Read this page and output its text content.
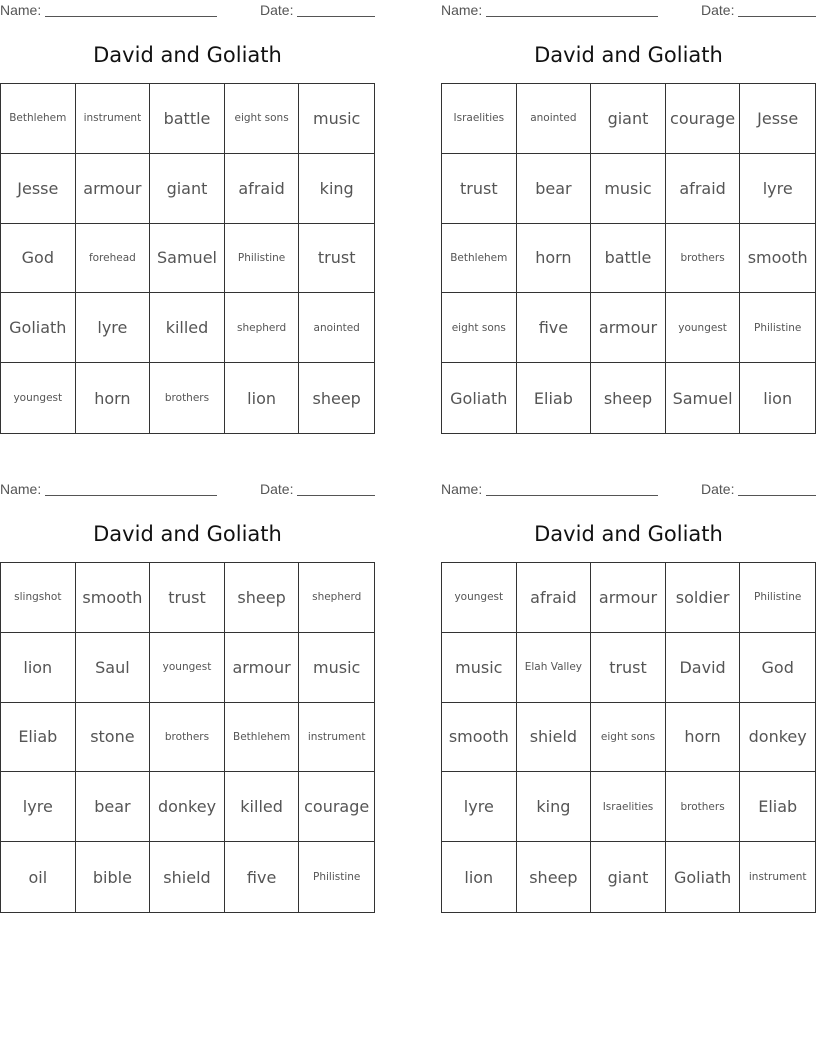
Name:	Date:
David and Goliath
Bethlehem	instrument	battle	eight sons	music
Jesse	armour	giant	afraid	king
God	forehead	Samuel	Philistine	trust
Goliath	lyre	killed	shepherd	anointed
youngest	horn	brothers	lion	sheep
Name:	Date:
David and Goliath
Israelities	anointed	giant	courage	Jesse
trust	bear	music	afraid	lyre
Bethlehem	horn	battle	brothers	smooth
eight sons	five	armour	youngest	Philistine
Goliath	Eliab	sheep	Samuel	lion
Name:	Date:
David and Goliath
slingshot	smooth	trust	sheep	shepherd
lion	Saul	youngest	armour	music
Eliab	stone	brothers	Bethlehem	instrument
lyre	bear	donkey	killed	courage
oil	bible	shield	five	Philistine
Name:	Date:
David and Goliath
youngest	afraid	armour	soldier	Philistine
music	Elah Valley	trust	David	God
smooth	shield	eight sons	horn	donkey
lyre	king	Israelities	brothers	Eliab
lion	sheep	giant	Goliath	instrument
